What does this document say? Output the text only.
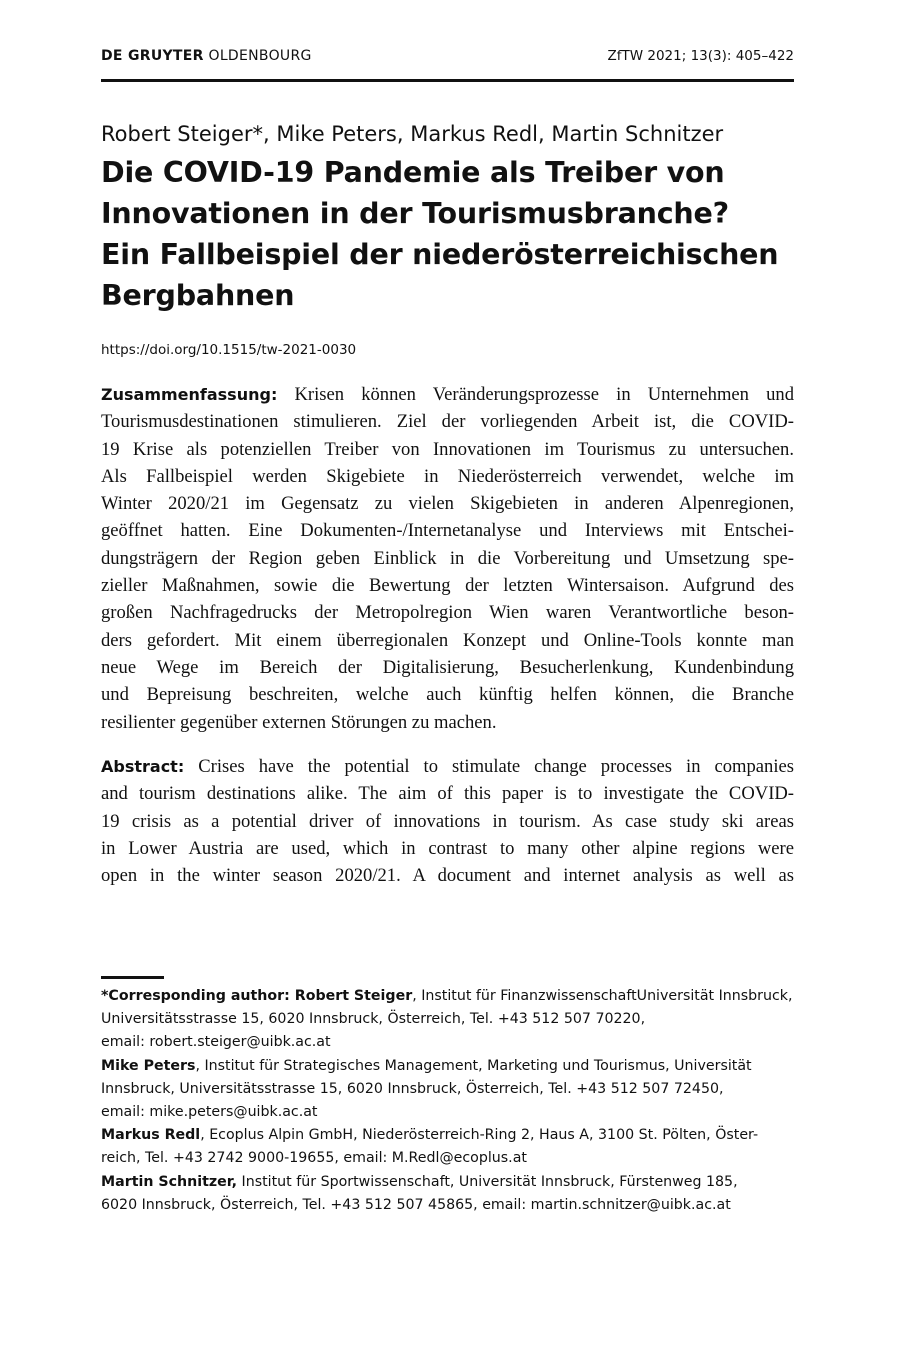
DE GRUYTER OLDENBOURG	ZfTW 2021; 13(3): 405–422
Robert Steiger*, Mike Peters, Markus Redl, Martin Schnitzer
Die COVID-19 Pandemie als Treiber von
Innovationen in der Tourismusbranche?
Ein Fallbeispiel der niederösterreichischen
Bergbahnen
https://doi.org/10.1515/tw-2021-0030
Zusammenfassung: Krisen können Veränderungsprozesse in Unternehmen und
Tourismusdestinationen stimulieren. Ziel der vorliegenden Arbeit ist, die COVID-
19 Krise als potenziellen Treiber von Innovationen im Tourismus zu untersuchen.
Als Fallbeispiel werden Skigebiete in Niederösterreich verwendet, welche im
Winter 2020/21 im Gegensatz zu vielen Skigebieten in anderen Alpenregionen,
geöffnet hatten. Eine Dokumenten-/Internetanalyse und Interviews mit Entschei-
dungsträgern der Region geben Einblick in die Vorbereitung und Umsetzung spe-
zieller Maßnahmen, sowie die Bewertung der letzten Wintersaison. Aufgrund des
großen Nachfragedrucks der Metropolregion Wien waren Verantwortliche beson-
ders gefordert. Mit einem überregionalen Konzept und Online-Tools konnte man
neue Wege im Bereich der Digitalisierung, Besucherlenkung, Kundenbindung
und Bepreisung beschreiten, welche auch künftig helfen können, die Branche
resilienter gegenüber externen Störungen zu machen.
Abstract: Crises have the potential to stimulate change processes in companies
and tourism destinations alike. The aim of this paper is to investigate the COVID-
19 crisis as a potential driver of innovations in tourism. As case study ski areas
in Lower Austria are used, which in contrast to many other alpine regions were
open in the winter season 2020/21. A document and internet analysis as well as
*Corresponding author: Robert Steiger, Institut für FinanzwissenschaftUniversität Innsbruck,
Universitätsstrasse 15, 6020 Innsbruck, Österreich, Tel. +43 512 507 70220,
email: robert.steiger@uibk.ac.at
Mike Peters, Institut für Strategisches Management, Marketing und Tourismus, Universität
Innsbruck, Universitätsstrasse 15, 6020 Innsbruck, Österreich, Tel. +43 512 507 72450,
email: mike.peters@uibk.ac.at
Markus Redl, Ecoplus Alpin GmbH, Niederösterreich-Ring 2, Haus A, 3100 St. Pölten, Öster-
reich, Tel. +43 2742 9000-19655, email: M.Redl@ecoplus.at
Martin Schnitzer, Institut für Sportwissenschaft, Universität Innsbruck, Fürstenweg 185,
6020 Innsbruck, Österreich, Tel. +43 512 507 45865, email: martin.schnitzer@uibk.ac.at
